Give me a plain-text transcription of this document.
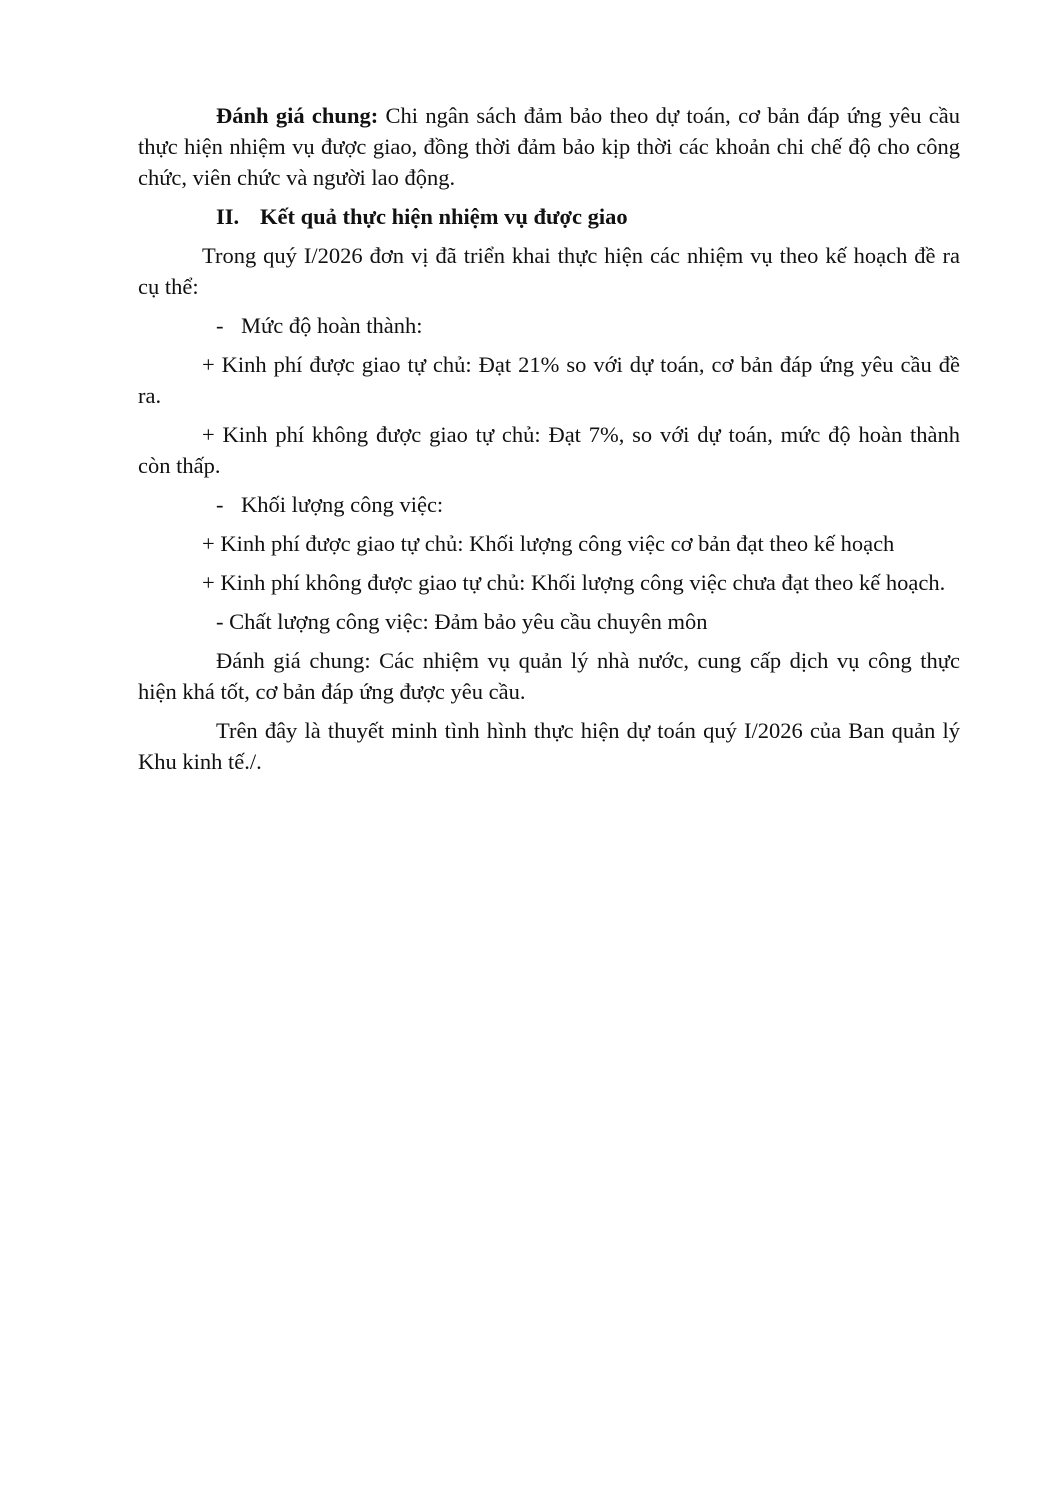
Đánh giá chung: Chi ngân sách đảm bảo theo dự toán, cơ bản đáp ứng yêu cầu thực hiện nhiệm vụ được giao, đồng thời đảm bảo kịp thời các khoản chi chế độ cho công chức, viên chức và người lao động.

II. Kết quả thực hiện nhiệm vụ được giao

Trong quý I/2026 đơn vị đã triển khai thực hiện các nhiệm vụ theo kế hoạch đề ra cụ thể:

- Mức độ hoàn thành:

+ Kinh phí được giao tự chủ: Đạt 21% so với dự toán, cơ bản đáp ứng yêu cầu đề ra.

+ Kinh phí không được giao tự chủ: Đạt 7%, so với dự toán, mức độ hoàn thành còn thấp.

- Khối lượng công việc:

+ Kinh phí được giao tự chủ: Khối lượng công việc cơ bản đạt theo kế hoạch

+ Kinh phí không được giao tự chủ: Khối lượng công việc chưa đạt theo kế hoạch.

- Chất lượng công việc: Đảm bảo yêu cầu chuyên môn

Đánh giá chung: Các nhiệm vụ quản lý nhà nước, cung cấp dịch vụ công thực hiện khá tốt, cơ bản đáp ứng được yêu cầu.

Trên đây là thuyết minh tình hình thực hiện dự toán quý I/2026 của Ban quản lý Khu kinh tế./.
